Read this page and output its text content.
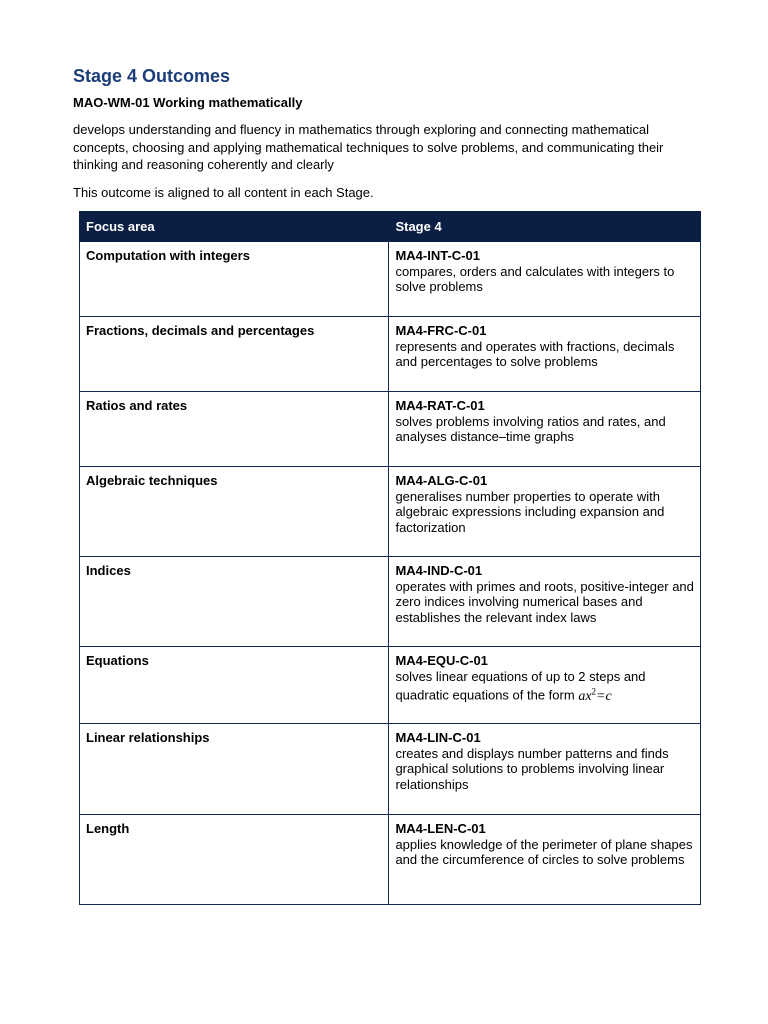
Stage 4 Outcomes

MAO-WM-01 Working mathematically

develops understanding and fluency in mathematics through exploring and connecting mathematical concepts, choosing and applying mathematical techniques to solve problems, and communicating their thinking and reasoning coherently and clearly

This outcome is aligned to all content in each Stage.

Focus area	Stage 4
Computation with integers	MA4-INT-C-01
compares, orders and calculates with integers to solve problems

Fractions, decimals and percentages	MA4-FRC-C-01
represents and operates with fractions, decimals and percentages to solve problems

Ratios and rates	MA4-RAT-C-01
solves problems involving ratios and rates, and analyses distance–time graphs

Algebraic techniques	MA4-ALG-C-01
generalises number properties to operate with algebraic expressions including expansion and factorization

Indices	MA4-IND-C-01
operates with primes and roots, positive-integer and zero indices involving numerical bases and establishes the relevant index laws

Equations	MA4-EQU-C-01
solves linear equations of up to 2 steps and quadratic equations of the form $ax^2=c$

Linear relationships	MA4-LIN-C-01
creates and displays number patterns and finds graphical solutions to problems involving linear relationships

Length	MA4-LEN-C-01
applies knowledge of the perimeter of plane shapes and the circumference of circles to solve problems
